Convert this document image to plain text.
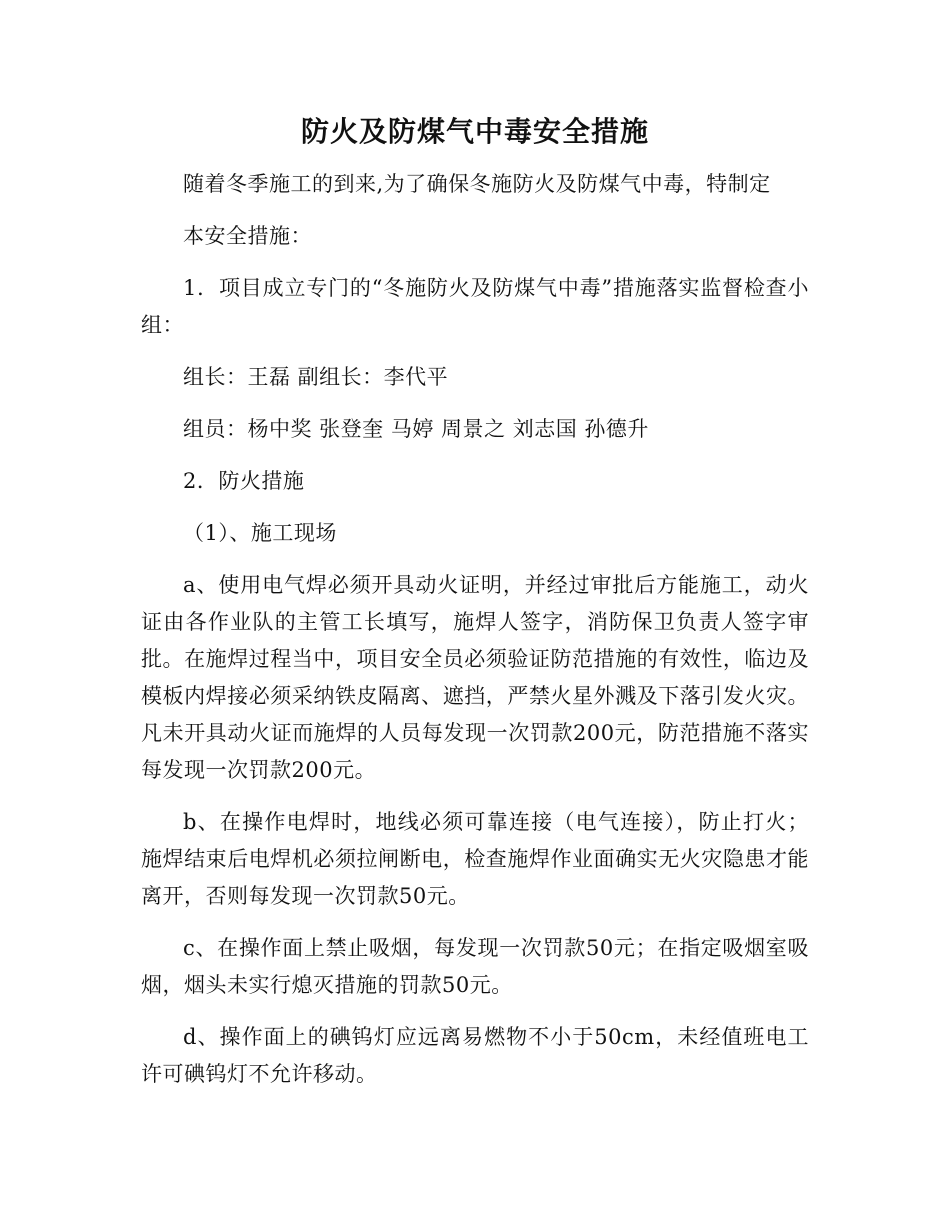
防火及防煤气中毒安全措施
随着冬季施工的到来,为了确保冬施防火及防煤气中毒，特制定
本安全措施：
1．项目成立专门的“冬施防火及防煤气中毒”措施落实监督检查小组：
组长：王磊 副组长：李代平
组员：杨中奖 张登奎 马婷 周景之 刘志国 孙德升
2．防火措施
（1）、施工现场
a、使用电气焊必须开具动火证明，并经过审批后方能施工，动火证由各作业队的主管工长填写，施焊人签字，消防保卫负责人签字审批。在施焊过程当中，项目安全员必须验证防范措施的有效性，临边及模板内焊接必须采纳铁皮隔离、遮挡，严禁火星外溅及下落引发火灾。凡未开具动火证而施焊的人员每发现一次罚款200元，防范措施不落实每发现一次罚款200元。
b、在操作电焊时，地线必须可靠连接（电气连接），防止打火；施焊结束后电焊机必须拉闸断电，检查施焊作业面确实无火灾隐患才能离开，否则每发现一次罚款50元。
c、在操作面上禁止吸烟，每发现一次罚款50元；在指定吸烟室吸烟，烟头未实行熄灭措施的罚款50元。
d、操作面上的碘钨灯应远离易燃物不小于50cm，未经值班电工许可碘钨灯不允许移动。
